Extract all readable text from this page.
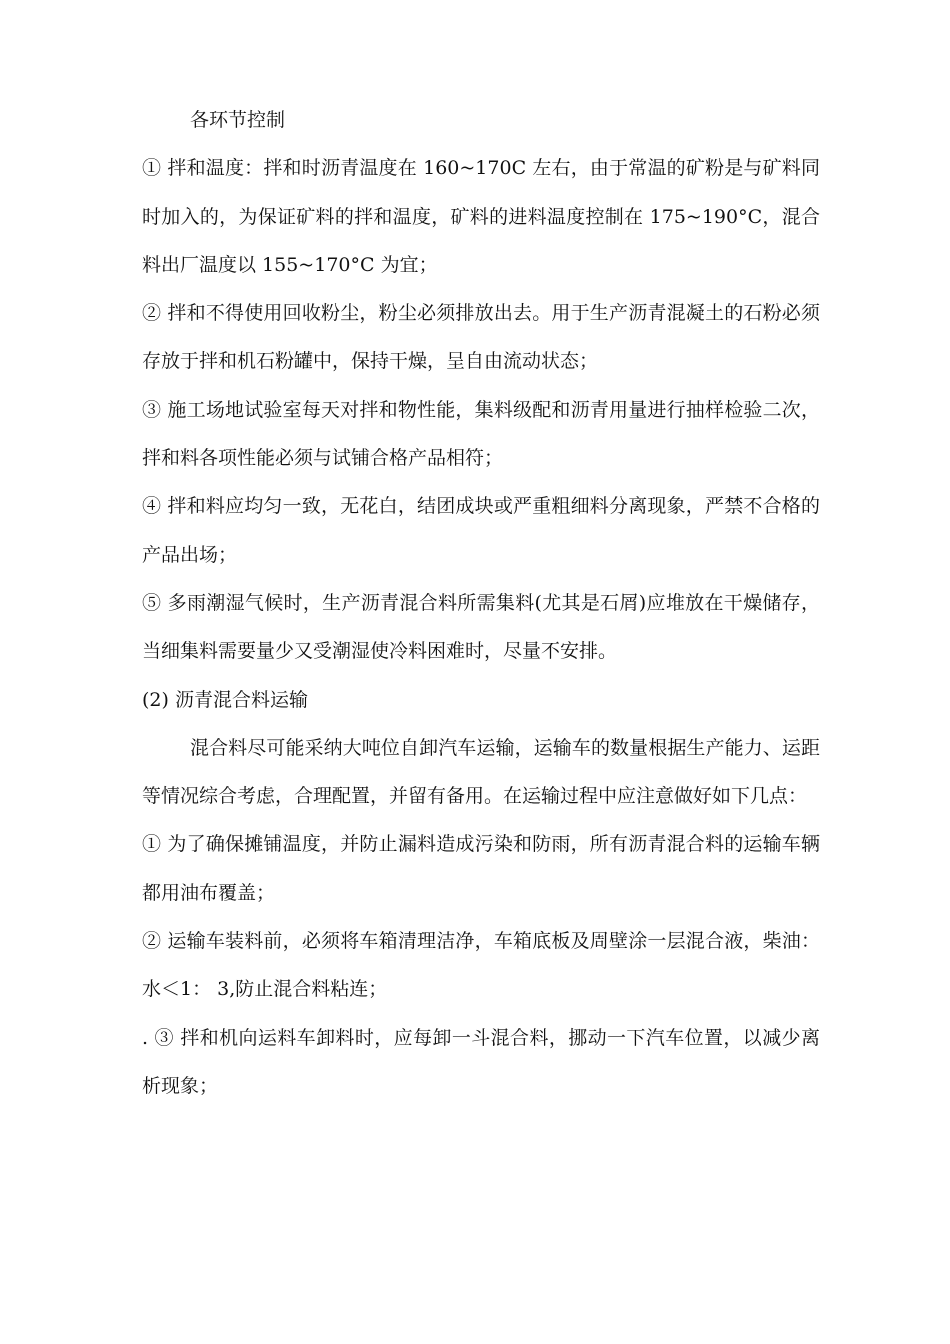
各环节控制

① 拌和温度：拌和时沥青温度在 160~170C 左右，由于常温的矿粉是与矿料同时加入的，为保证矿料的拌和温度，矿料的进料温度控制在 175~190°C，混合料出厂温度以 155~170°C 为宜；

② 拌和不得使用回收粉尘，粉尘必须排放出去。用于生产沥青混凝土的石粉必须存放于拌和机石粉罐中，保持干燥，呈自由流动状态；

③ 施工场地试验室每天对拌和物性能，集料级配和沥青用量进行抽样检验二次，拌和料各项性能必须与试铺合格产品相符；

④ 拌和料应均匀一致，无花白，结团成块或严重粗细料分离现象，严禁不合格的产品出场；

⑤ 多雨潮湿气候时，生产沥青混合料所需集料(尤其是石屑)应堆放在干燥储存，当细集料需要量少又受潮湿使冷料困难时，尽量不安排。

(2) 沥青混合料运输

混合料尽可能采纳大吨位自卸汽车运输，运输车的数量根据生产能力、运距等情况综合考虑，合理配置，并留有备用。在运输过程中应注意做好如下几点：

① 为了确保摊铺温度，并防止漏料造成污染和防雨，所有沥青混合料的运输车辆都用油布覆盖；

② 运输车装料前，必须将车箱清理洁净，车箱底板及周壁涂一层混合液，柴油：水＜1： 3,防止混合料粘连；

. ③ 拌和机向运料车卸料时，应每卸一斗混合料，挪动一下汽车位置，以减少离析现象；
